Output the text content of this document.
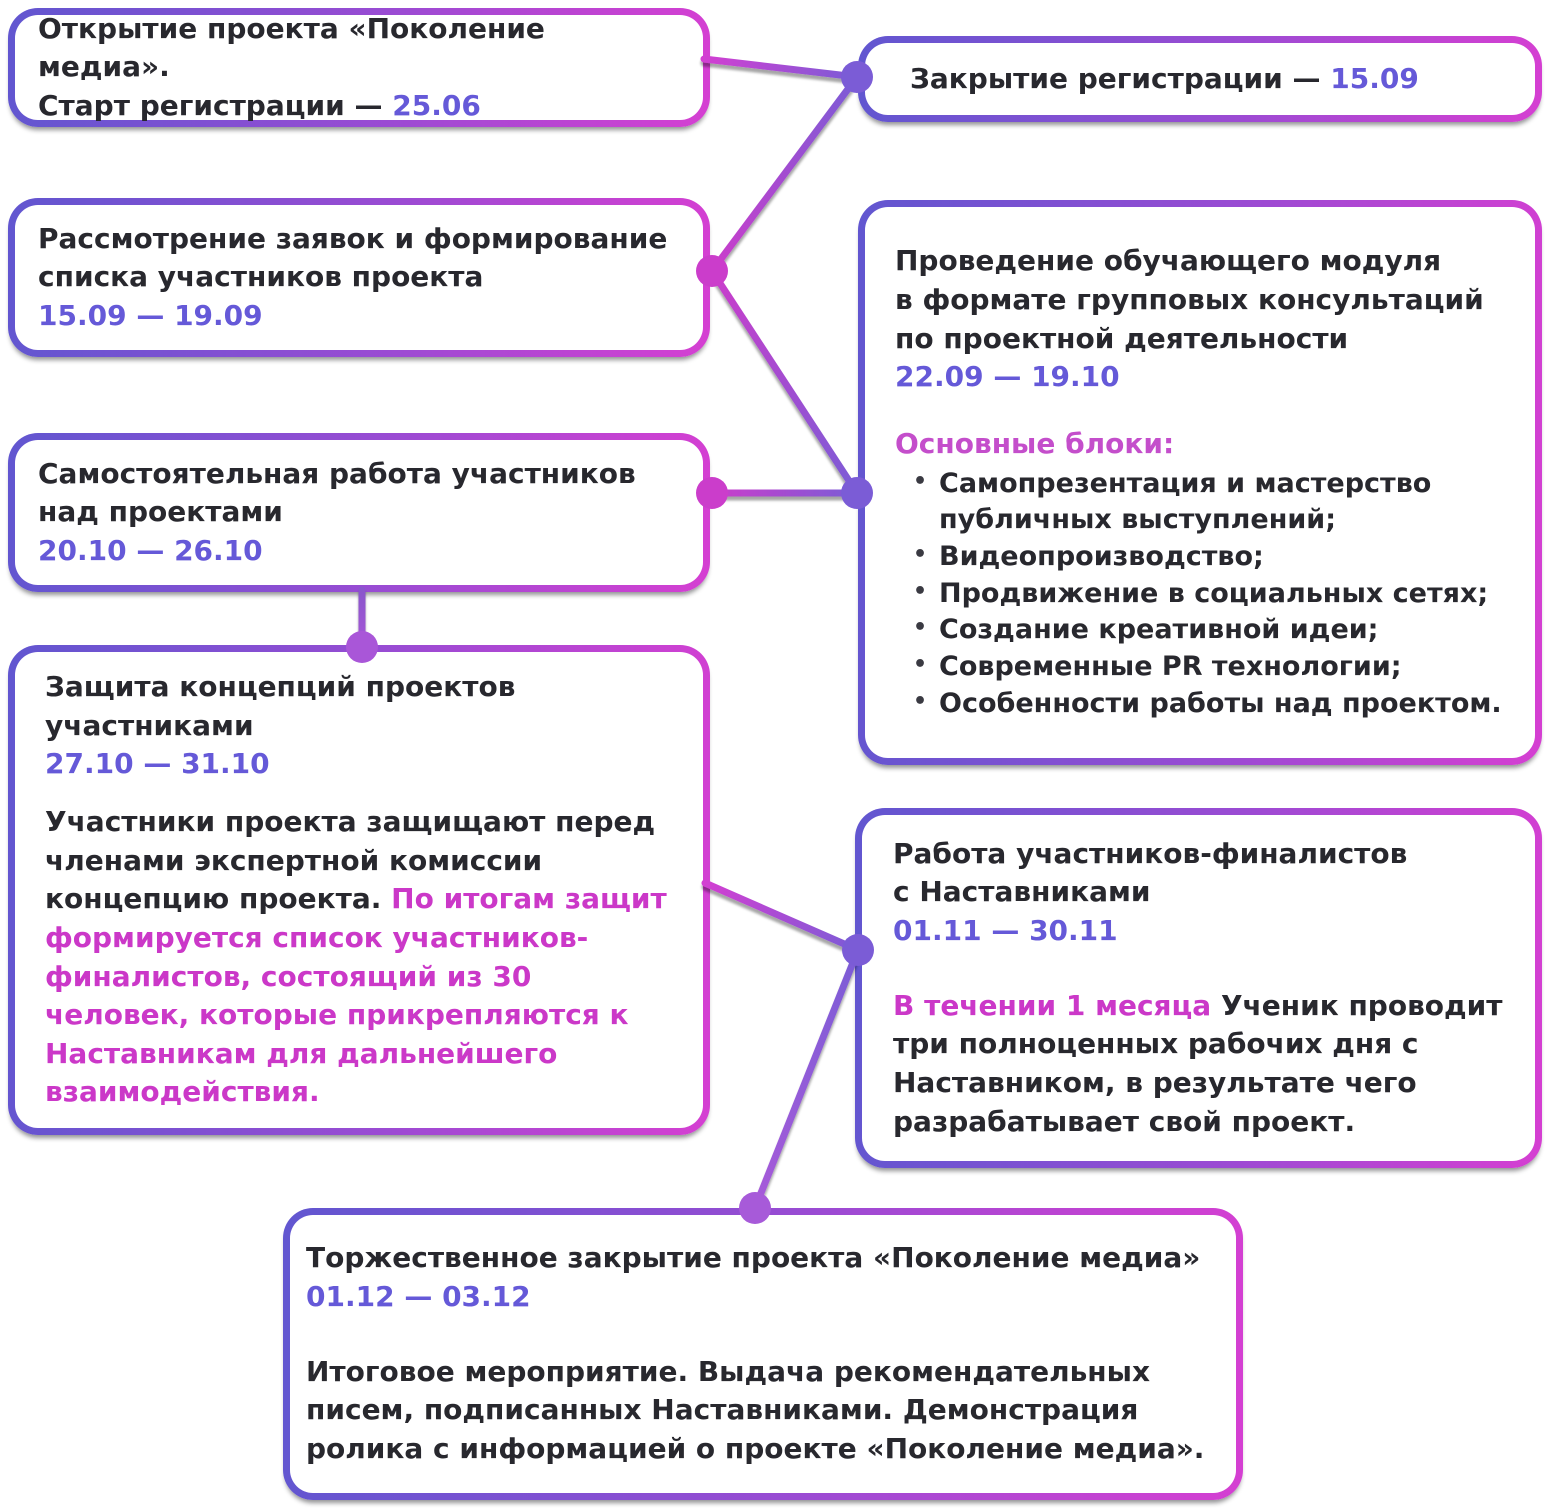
Открытие проекта «Поколение медиа».
Старт регистрации — 25.06
Закрытие регистрации — 15.09
Рассмотрение заявок и формирование
списка участников проекта
15.09 — 19.09
Проведение обучающего модуля
в формате групповых консультаций
по проектной деятельности
22.09 — 19.10
Основные блоки:
• Самопрезентация и мастерство публичных выступлений;
• Видеопроизводство;
• Продвижение в социальных сетях;
• Создание креативной идеи;
• Современные PR технологии;
• Особенности работы над проектом.
Самостоятельная работа участников
над проектами
20.10 — 26.10
Защита концепций проектов
участниками
27.10 — 31.10

Участники проекта защищают перед членами экспертной комиссии концепцию проекта. По итогам защит формируется список участников-финалистов, состоящий из 30 человек, которые прикрепляются к Наставникам для дальнейшего взаимодействия.

Работа участников-финалистов
с Наставниками
01.11 — 30.11

В течении 1 месяца Ученик проводит три полноценных рабочих дня с Наставником, в результате чего разрабатывает свой проект.

Торжественное закрытие проекта «Поколение медиа»
01.12 — 03.12

Итоговое мероприятие. Выдача рекомендательных писем, подписанных Наставниками. Демонстрация ролика с информацией о проекте «Поколение медиа».
